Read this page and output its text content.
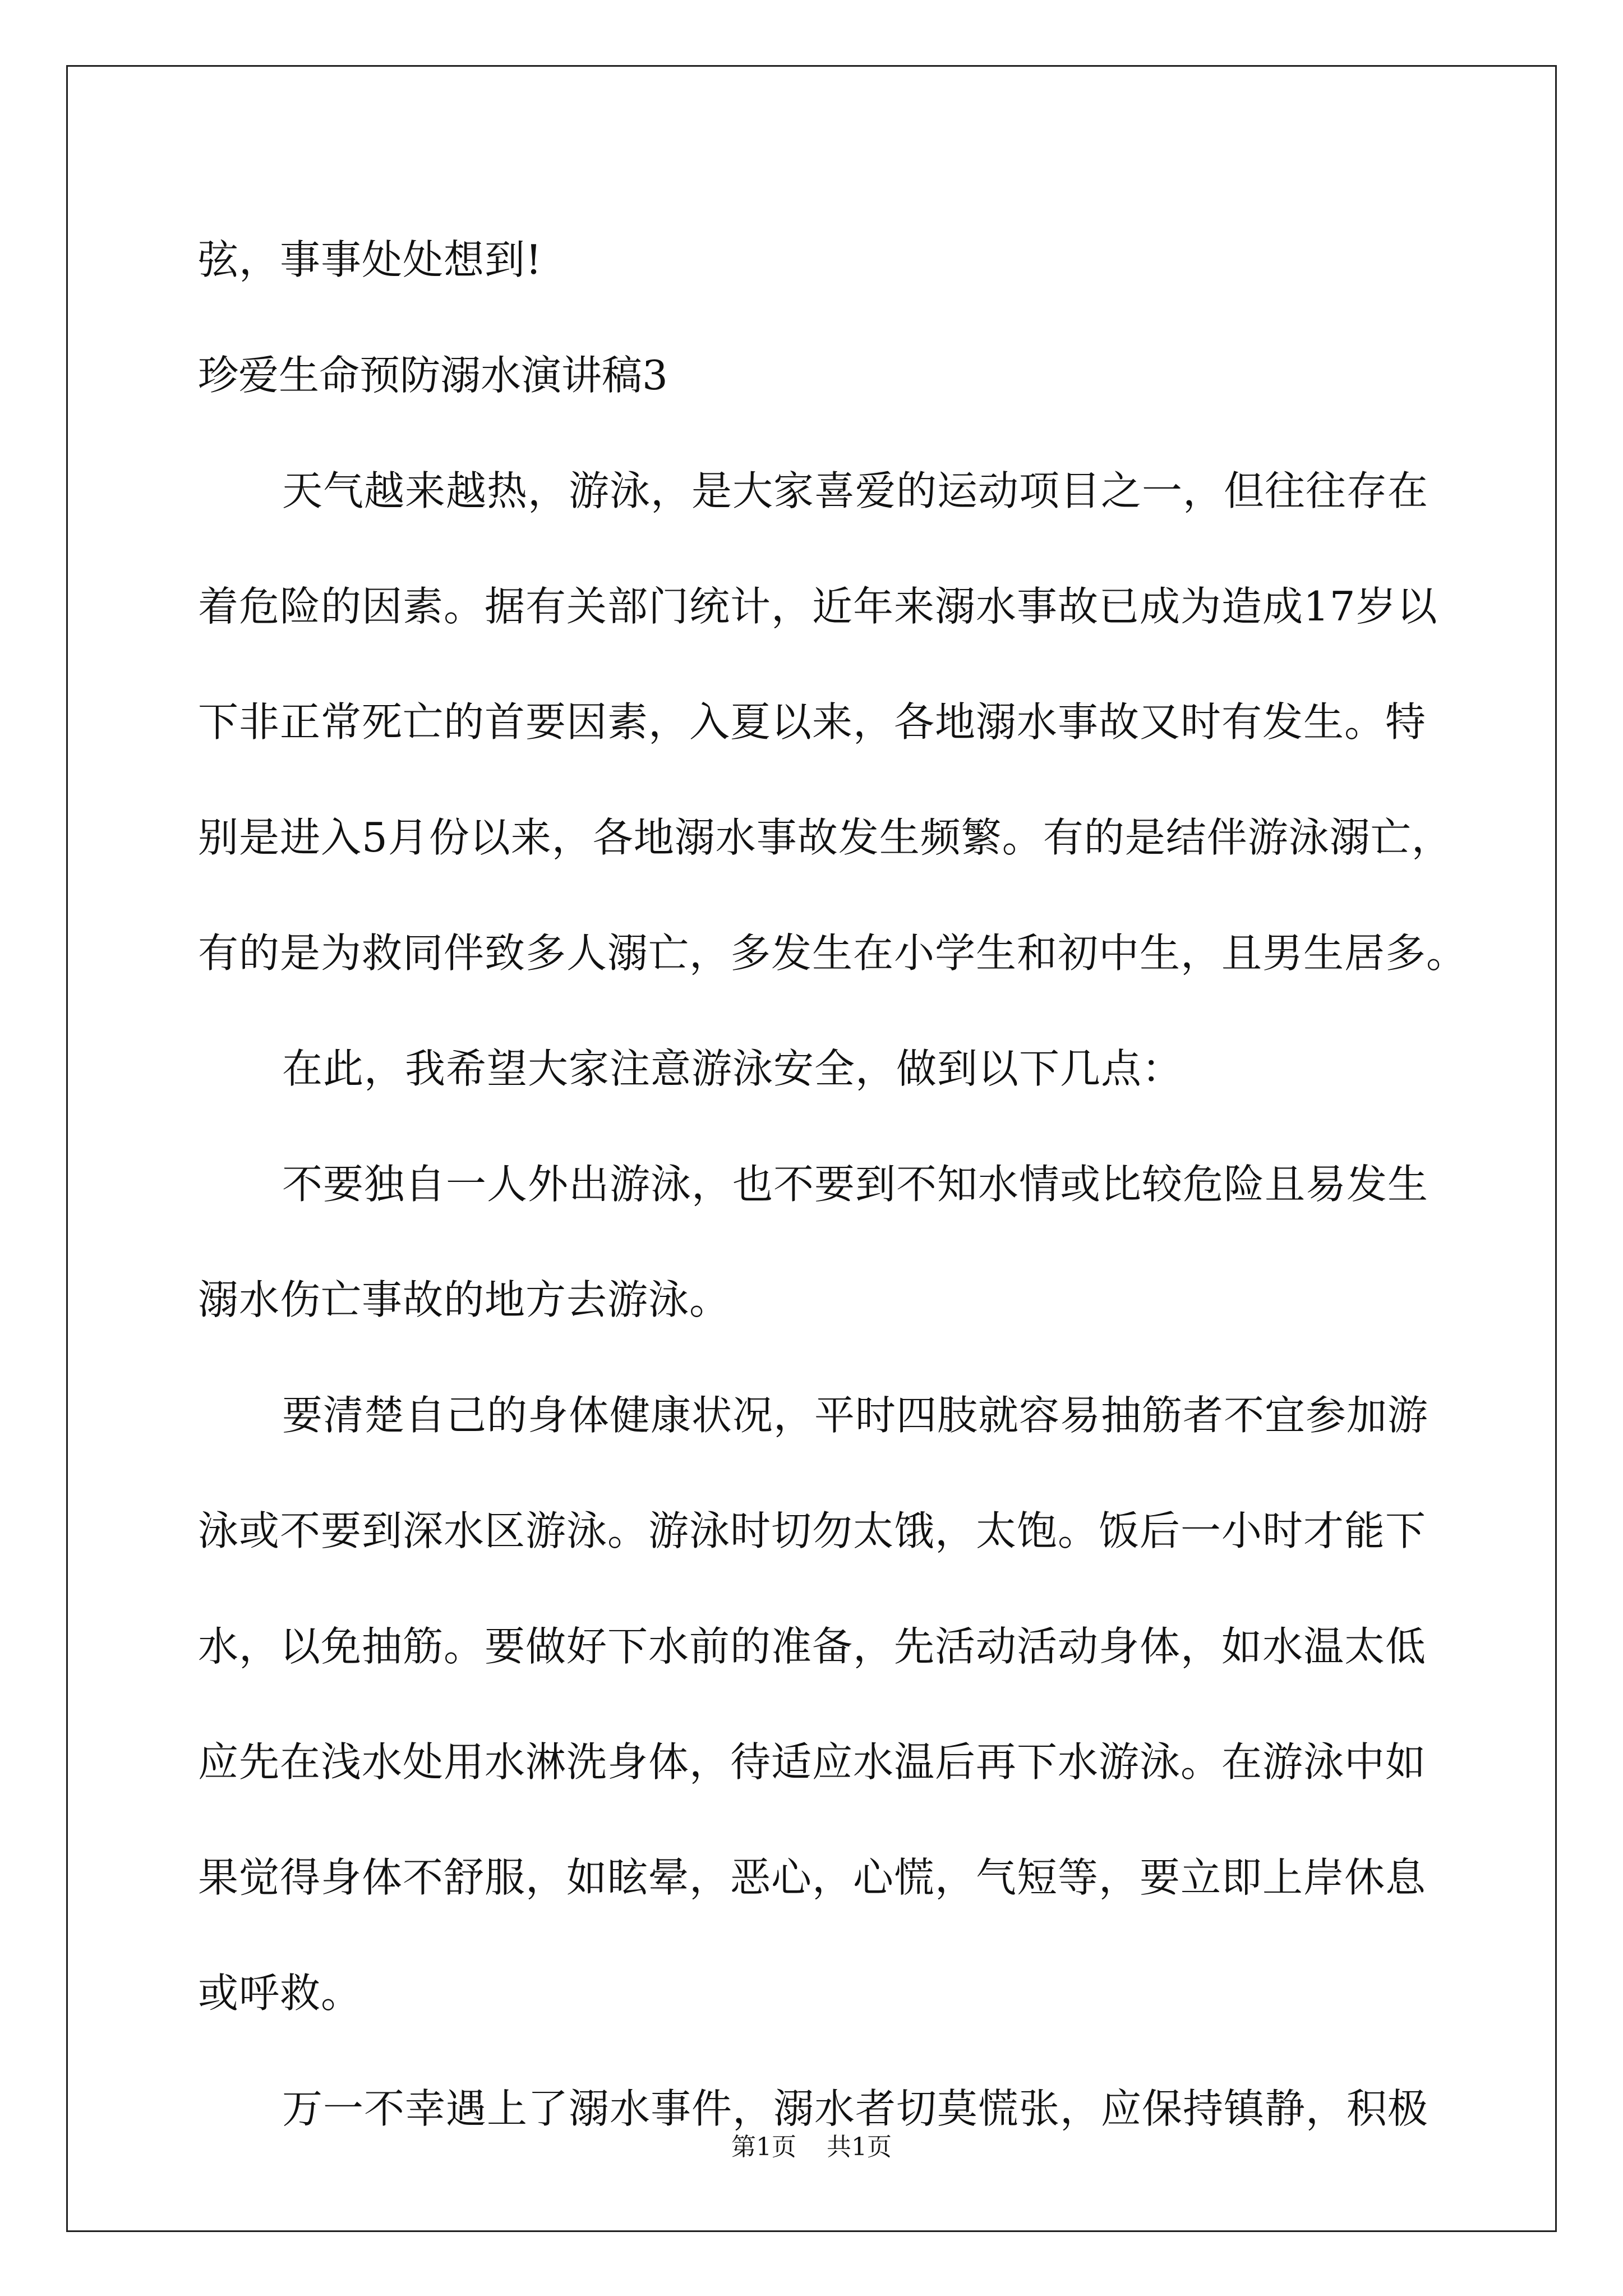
弦，事事处处想到!
珍爱生命预防溺水演讲稿3
天气越来越热，游泳，是大家喜爱的运动项目之一，但往往存在
着危险的因素。据有关部门统计，近年来溺水事故已成为造成17岁以
下非正常死亡的首要因素，入夏以来，各地溺水事故又时有发生。特
别是进入5月份以来，各地溺水事故发生频繁。有的是结伴游泳溺亡，
有的是为救同伴致多人溺亡，多发生在小学生和初中生，且男生居多。
在此，我希望大家注意游泳安全，做到以下几点：
不要独自一人外出游泳，也不要到不知水情或比较危险且易发生
溺水伤亡事故的地方去游泳。
要清楚自己的身体健康状况，平时四肢就容易抽筋者不宜参加游
泳或不要到深水区游泳。游泳时切勿太饿，太饱。饭后一小时才能下
水，以免抽筋。要做好下水前的准备，先活动活动身体，如水温太低
应先在浅水处用水淋洗身体，待适应水温后再下水游泳。在游泳中如
果觉得身体不舒服，如眩晕，恶心，心慌，气短等，要立即上岸休息
或呼救。
万一不幸遇上了溺水事件，溺水者切莫慌张，应保持镇静，积极
第1页 共1页
